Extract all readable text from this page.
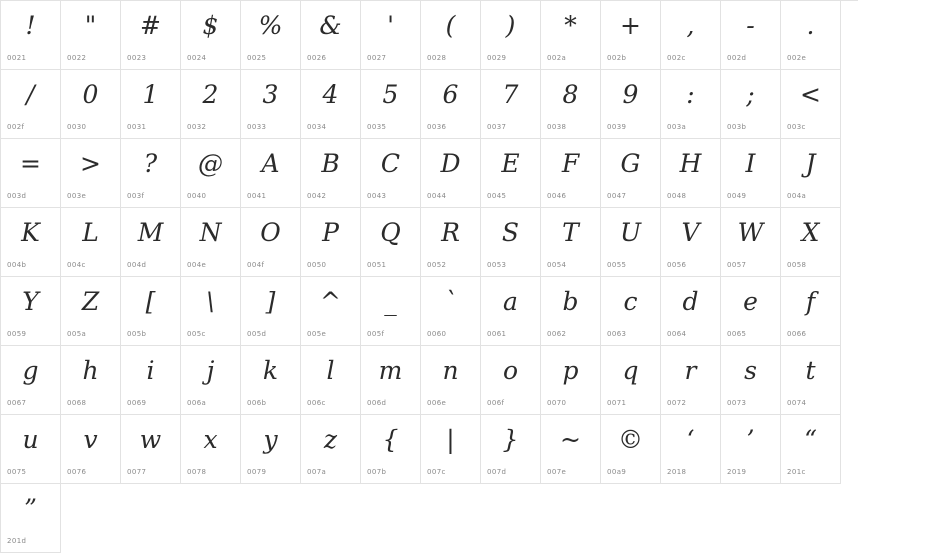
!
0021
"
0022
#
0023
$
0024
%
0025
&
0026
'
0027
(
0028
)
0029
*
002a
+
002b
,
002c
-
002d
.
002e
/
002f
0
0030
1
0031
2
0032
3
0033
4
0034
5
0035
6
0036
7
0037
8
0038
9
0039
:
003a
;
003b
<
003c
=
003d
>
003e
?
003f
@
0040
A
0041
B
0042
C
0043
D
0044
E
0045
F
0046
G
0047
H
0048
I
0049
J
004a
K
004b
L
004c
M
004d
N
004e
O
004f
P
0050
Q
0051
R
0052
S
0053
T
0054
U
0055
V
0056
W
0057
X
0058
Y
0059
Z
005a
[
005b
\
005c
]
005d
^
005e
_
005f
`
0060
a
0061
b
0062
c
0063
d
0064
e
0065
f
0066
g
0067
h
0068
i
0069
j
006a
k
006b
l
006c
m
006d
n
006e
o
006f
p
0070
q
0071
r
0072
s
0073
t
0074
u
0075
v
0076
w
0077
x
0078
y
0079
z
007a
{
007b
|
007c
}
007d
~
007e
©
00a9
‘
2018
’
2019
“
201c
”
201d
